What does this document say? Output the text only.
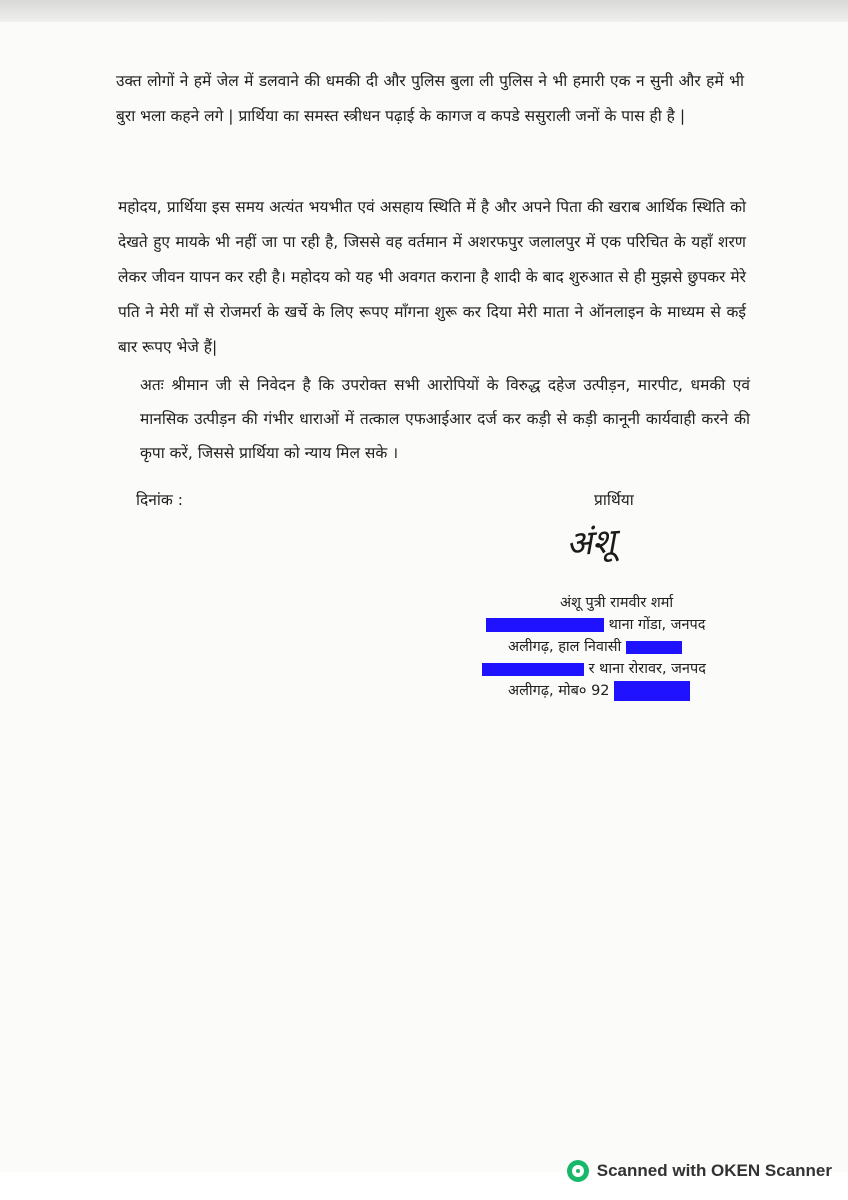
उक्त लोगों ने हमें जेल में डलवाने की धमकी दी और पुलिस बुला ली पुलिस ने भी हमारी एक न सुनी और हमें भी बुरा भला कहने लगे | प्रार्थिया का समस्त स्त्रीधन पढ़ाई के कागज व कपडे ससुराली जनों के पास ही है |
महोदय, प्रार्थिया इस समय अत्यंत भयभीत एवं असहाय स्थिति में है और अपने पिता की खराब आर्थिक स्थिति को देखते हुए मायके भी नहीं जा पा रही है, जिससे वह वर्तमान में अशरफपुर जलालपुर में एक परिचित के यहाँ शरण लेकर जीवन यापन कर रही है। महोदय को यह भी अवगत कराना है शादी के बाद शुरुआत से ही मुझसे छुपकर मेरे पति ने मेरी माँ से रोजमर्रा के खर्चे के लिए रूपए माँगना शुरू कर दिया मेरी माता ने ऑनलाइन के माध्यम से कई बार रूपए भेजे हैं|
अतः श्रीमान जी से निवेदन है कि उपरोक्त सभी आरोपियों के विरुद्ध दहेज उत्पीड़न, मारपीट, धमकी एवं मानसिक उत्पीड़न की गंभीर धाराओं में तत्काल एफआईआर दर्ज कर कड़ी से कड़ी कानूनी कार्यवाही करने की कृपा करें, जिससे प्रार्थिया को न्याय मिल सके ।
दिनांक :	प्रार्थिया
अंशू
अंशू पुत्री रामवीर शर्मा
थाना गोंडा, जनपद
अलीगढ़, हाल निवासी
र थाना रोरावर, जनपद
अलीगढ़, मोब० 92
Scanned with OKEN Scanner
